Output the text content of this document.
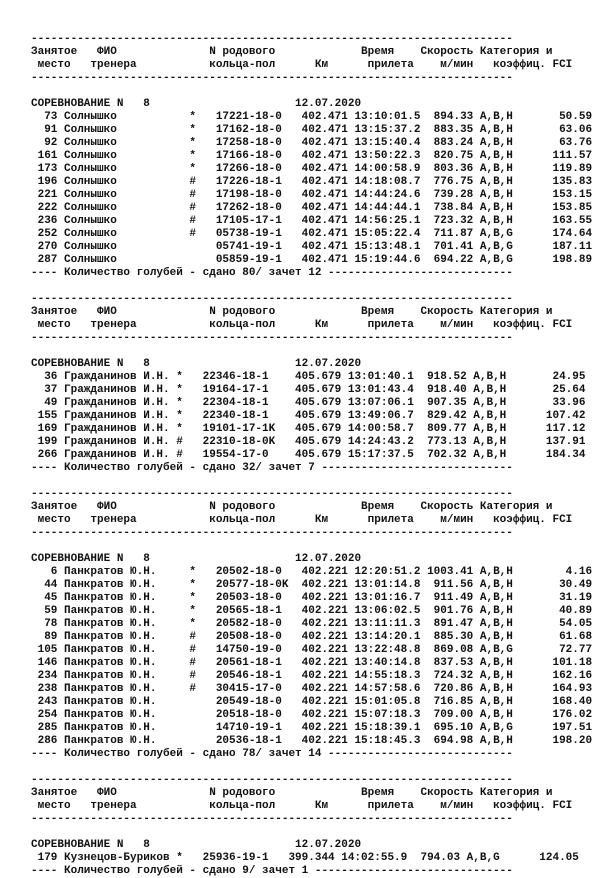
-------------------------------------------------------------------------
Занятое   ФИО              N родового             Время    Скорость Категория и
место   тренера           кольца-пол      Км      прилета    м/мин   коэффиц. FCI
-------------------------------------------------------------------------
СОРЕВНОВАНИЕ N   8                      12.07.2020
73 Солнышко           *   17221-18-0   402.471 13:10:01.5  894.33 A,B,H       50.59
91 Солнышко           *   17162-18-0   402.471 13:15:37.2  883.35 A,B,H       63.06
92 Солнышко           *   17258-18-0   402.471 13:15:40.4  883.24 A,B,H       63.76
161 Солнышко           *   17166-18-0   402.471 13:50:22.3  820.75 A,B,H      111.57
173 Солнышко           *   17266-18-0   402.471 14:00:58.9  803.36 A,B,H      119.89
196 Солнышко           #   17226-18-1   402.471 14:18:08.7  776.75 A,B,H      135.83
221 Солнышко           #   17198-18-0   402.471 14:44:24.6  739.28 A,B,H      153.15
222 Солнышко           #   17262-18-0   402.471 14:44:44.1  738.84 A,B,H      153.85
236 Солнышко           #   17105-17-1   402.471 14:56:25.1  723.32 A,B,H      163.55
252 Солнышко           #   05738-19-1   402.471 15:05:22.4  711.87 A,B,G      174.64
270 Солнышко               05741-19-1   402.471 15:13:48.1  701.41 A,B,G      187.11
287 Солнышко               05859-19-1   402.471 15:19:44.6  694.22 A,B,G      198.89
---- Количество голубей - сдано 80/ зачет 12 ----------------------------
-------------------------------------------------------------------------
Занятое   ФИО              N родового             Время    Скорость Категория и
место   тренера           кольца-пол      Км      прилета    м/мин   коэффиц. FCI
-------------------------------------------------------------------------
СОРЕВНОВАНИЕ N   8                      12.07.2020
36 Гражданинов И.Н. *   22346-18-1    405.679 13:01:40.1  918.52 A,B,H       24.95
37 Гражданинов И.Н. *   19164-17-1    405.679 13:01:43.4  918.40 A,B,H       25.64
49 Гражданинов И.Н. *   22304-18-1    405.679 13:07:06.1  907.35 A,B,H       33.96
155 Гражданинов И.Н. *   22340-18-1    405.679 13:49:06.7  829.42 A,B,H      107.42
169 Гражданинов И.Н. *   19101-17-1K   405.679 14:00:58.7  809.77 A,B,H      117.12
199 Гражданинов И.Н. #   22310-18-0K   405.679 14:24:43.2  773.13 A,B,H      137.91
266 Гражданинов И.Н. #   19554-17-0    405.679 15:17:37.5  702.32 A,B,H      184.34
---- Количество голубей - сдано 32/ зачет 7 -----------------------------
-------------------------------------------------------------------------
Занятое   ФИО              N родового             Время    Скорость Категория и
место   тренера           кольца-пол      Км      прилета    м/мин   коэффиц. FCI
-------------------------------------------------------------------------
СОРЕВНОВАНИЕ N   8                      12.07.2020
6 Панкратов Ю.Н.     *   20502-18-0   402.221 12:20:51.2 1003.41 A,B,H        4.16
44 Панкратов Ю.Н.     *   20577-18-0K  402.221 13:01:14.8  911.56 A,B,H       30.49
45 Панкратов Ю.Н.     *   20503-18-0   402.221 13:01:16.7  911.49 A,B,H       31.19
59 Панкратов Ю.Н.     *   20565-18-1   402.221 13:06:02.5  901.76 A,B,H       40.89
78 Панкратов Ю.Н.     *   20582-18-0   402.221 13:11:11.3  891.47 A,B,H       54.05
89 Панкратов Ю.Н.     #   20508-18-0   402.221 13:14:20.1  885.30 A,B,H       61.68
105 Панкратов Ю.Н.     #   14750-19-0   402.221 13:22:48.8  869.08 A,B,G       72.77
146 Панкратов Ю.Н.     #   20561-18-1   402.221 13:40:14.8  837.53 A,B,H      101.18
234 Панкратов Ю.Н.     #   20546-18-1   402.221 14:55:18.3  724.32 A,B,H      162.16
238 Панкратов Ю.Н.     #   30415-17-0   402.221 14:57:58.6  720.86 A,B,H      164.93
243 Панкратов Ю.Н.         20549-18-0   402.221 15:01:05.8  716.85 A,B,H      168.40
254 Панкратов Ю.Н.         20518-18-0   402.221 15:07:18.3  709.00 A,B,H      176.02
285 Панкратов Ю.Н.         14710-19-1   402.221 15:18:39.1  695.10 A,B,G      197.51
286 Панкратов Ю.Н.         20536-18-1   402.221 15:18:45.3  694.98 A,B,H      198.20
---- Количество голубей - сдано 78/ зачет 14 ----------------------------
-------------------------------------------------------------------------
Занятое   ФИО              N родового             Время    Скорость Категория и
место   тренера           кольца-пол      Км      прилета    м/мин   коэффиц. FCI
-------------------------------------------------------------------------
СОРЕВНОВАНИЕ N   8                      12.07.2020
179 Кузнецов-Буриков *   25936-19-1   399.344 14:02:55.9  794.03 A,B,G      124.05
---- Количество голубей - сдано 9/ зачет 1 ------------------------------
